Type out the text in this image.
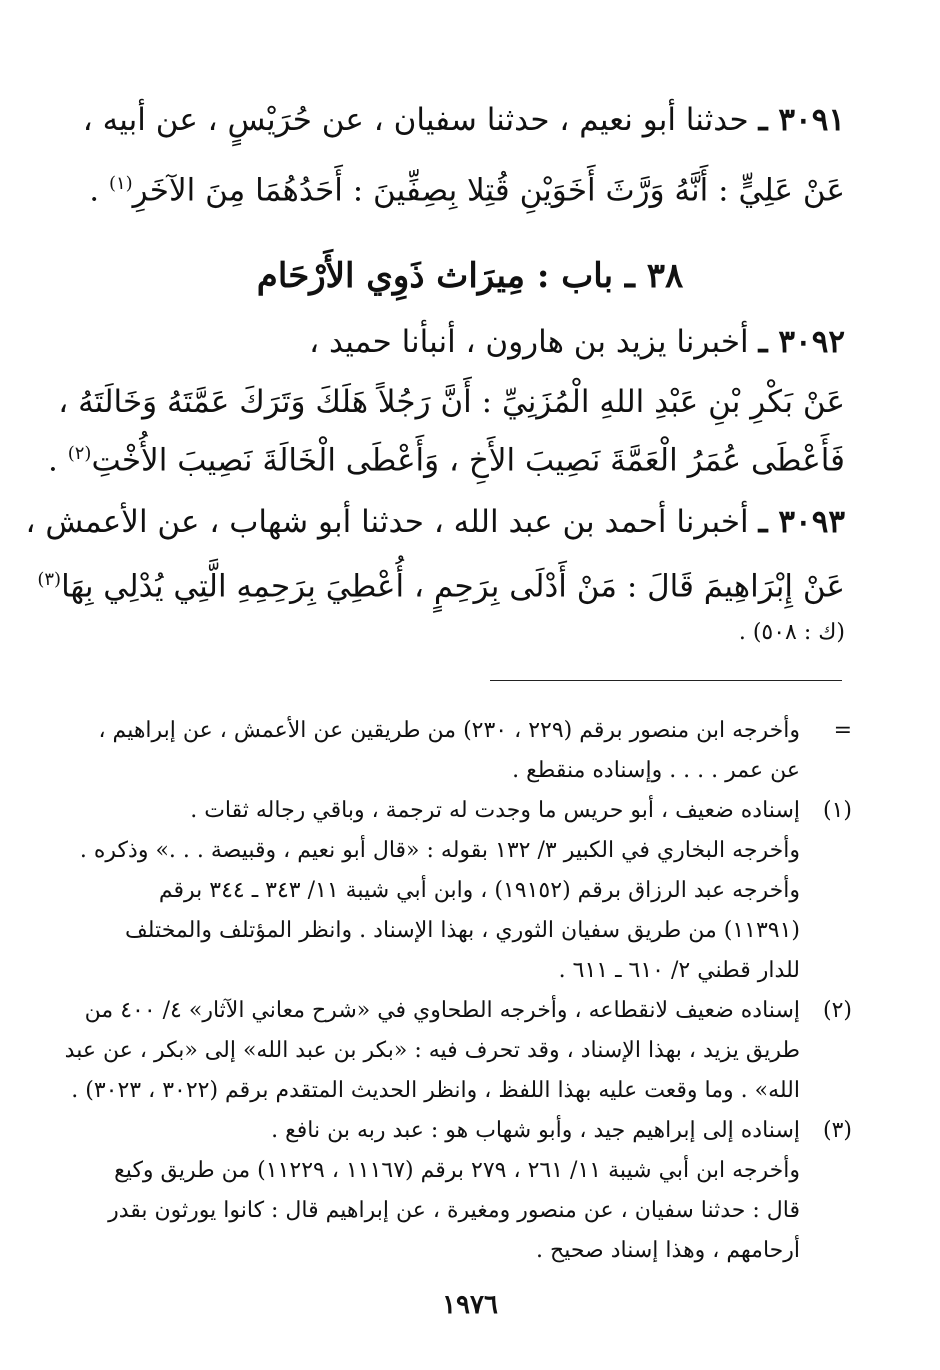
٣٠٩١ ـ حدثنا أبو نعيم ، حدثنا سفيان ، عن حُرَيْسٍ ، عن أبيه ،
عَنْ عَلِيٍّ : أَنَّهُ وَرَّثَ أَخَوَيْنِ قُتِلا بِصِفِّينَ : أَحَدُهُمَا مِنَ الآخَرِ$^{(١)}$ .
٣٨ ـ باب : مِيرَاث ذَوِي الأَرْحَام
٣٠٩٢ ـ أخبرنا يزيد بن هارون ، أنبأنا حميد ،
عَنْ بَكْرِ بْنِ عَبْدِ اللهِ الْمُزَنِيِّ : أَنَّ رَجُلاً هَلَكَ وَتَرَكَ عَمَّتَهُ وَخَالَتَهُ ،
فَأَعْطَى عُمَرُ الْعَمَّةَ نَصِيبَ الأَخِ ، وَأَعْطَى الْخَالَةَ نَصِيبَ الأُخْتِ$^{(٢)}$ .
٣٠٩٣ ـ أخبرنا أحمد بن عبد الله ، حدثنا أبو شهاب ، عن الأعمش ،
عَنْ إِبْرَاهِيمَ قَالَ : مَنْ أَدْلَى بِرَحِمٍ ، أُعْطِيَ بِرَحِمِهِ الَّتِي يُدْلِي بِهَا$^{(٣)}$
(ك : ٥٠٨) .
=
وأخرجه ابن منصور برقم (٢٢٩ ، ٢٣٠) من طريقين عن الأعمش ، عن إبراهيم ،
عن عمر . . . . وإسناده منقطع .
(١)
إسناده ضعيف ، أبو حريس ما وجدت له ترجمة ، وباقي رجاله ثقات .
وأخرجه البخاري في الكبير ٣/ ١٣٢ بقوله : «قال أبو نعيم ، وقبيصة . . .» وذكره .
وأخرجه عبد الرزاق برقم (١٩١٥٢) ، وابن أبي شيبة ١١/ ٣٤٣ ـ ٣٤٤ برقم
(١١٣٩١) من طريق سفيان الثوري ، بهذا الإسناد . وانظر المؤتلف والمختلف
للدار قطني ٢/ ٦١٠ ـ ٦١١ .
(٢)
إسناده ضعيف لانقطاعه ، وأخرجه الطحاوي في «شرح معاني الآثار» ٤/ ٤٠٠ من
طريق يزيد ، بهذا الإسناد ، وقد تحرف فيه : «بكر بن عبد الله» إلى «بكر ، عن عبد
الله» . وما وقعت عليه بهذا اللفظ ، وانظر الحديث المتقدم برقم (٣٠٢٢ ، ٣٠٢٣) .
(٣)
إسناده إلى إبراهيم جيد ، وأبو شهاب هو : عبد ربه بن نافع .
وأخرجه ابن أبي شيبة ١١/ ٢٦١ ، ٢٧٩ برقم (١١١٦٧ ، ١١٢٢٩) من طريق وكيع
قال : حدثنا سفيان ، عن منصور ومغيرة ، عن إبراهيم قال : كانوا يورثون بقدر
أرحامهم ، وهذا إسناد صحيح .
١٩٧٦
